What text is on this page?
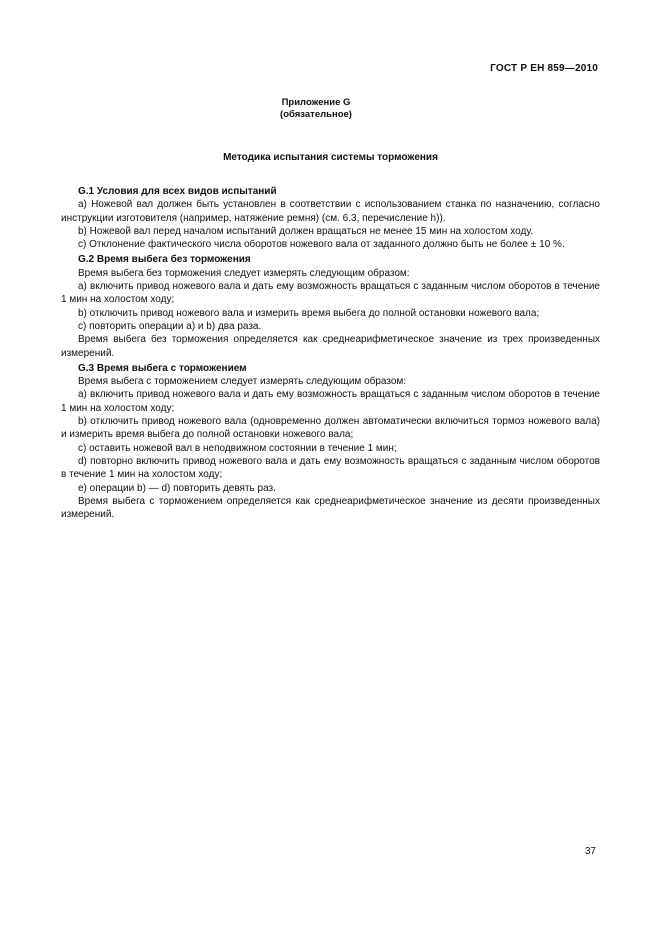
ГОСТ Р ЕН 859—2010
Приложение G
(обязательное)
Методика испытания системы торможения

G.1 Условия для всех видов испытаний

a) Ножевой вал должен быть установлен в соответствии с использованием станка по назначению, согласно инструкции изготовителя (например, натяжение ремня) (см. 6.3, перечисление h)).

b) Ножевой вал перед началом испытаний должен вращаться не менее 15 мин на холостом ходу.

c) Отклонение фактического числа оборотов ножевого вала от заданного должно быть не более ± 10 %.

G.2 Время выбега без торможения

Время выбега без торможения следует измерять следующим образом:

a) включить привод ножевого вала и дать ему возможность вращаться с заданным числом оборотов в течение 1 мин на холостом ходу;

b) отключить привод ножевого вала и измерить время выбега до полной остановки ножевого вала;

c) повторить операции a) и b) два раза.

Время выбега без торможения определяется как среднеарифметическое значение из трех произведенных измерений.

G.3 Время выбега с торможением

Время выбега с торможением следует измерять следующим образом:

a) включить привод ножевого вала и дать ему возможность вращаться с заданным числом оборотов в течение 1 мин на холостом ходу;

b) отключить привод ножевого вала (одновременно должен автоматически включиться тормоз ножевого вала) и измерить время выбега до полной остановки ножевого вала;

c) оставить ножевой вал в неподвижном состоянии в течение 1 мин;

d) повторно включить привод ножевого вала и дать ему возможность вращаться с заданным числом оборотов в течение 1 мин на холостом ходу;

e) операции b) — d) повторить девять раз.

Время выбега с торможением определяется как среднеарифметическое значение из десяти произведенных измерений.

37
